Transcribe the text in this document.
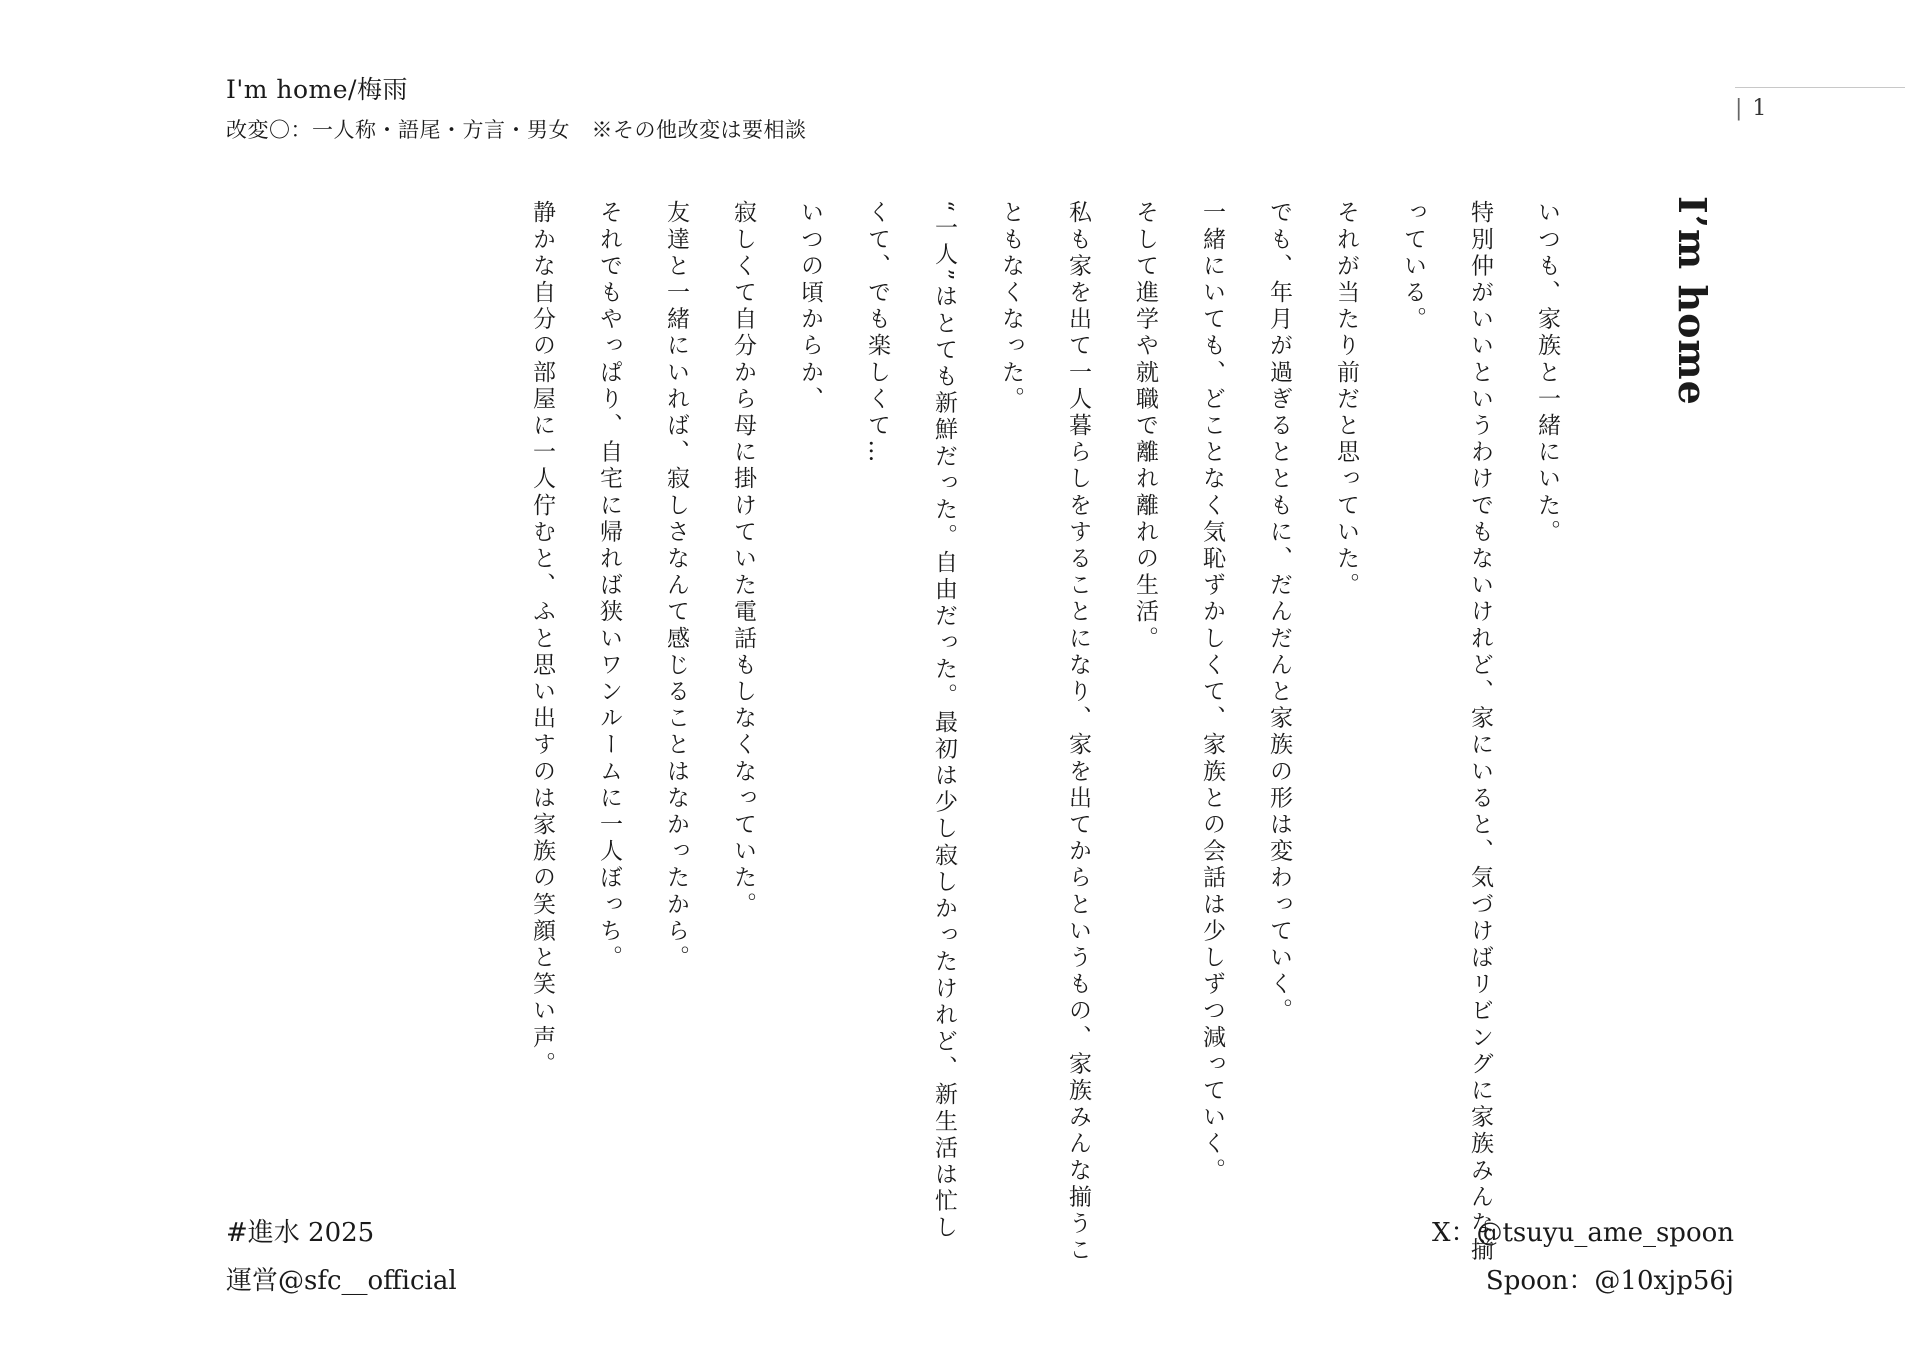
I'm home/梅雨
改変〇：一人称・語尾・方言・男女　※その他改変は要相談
| 1
I’m home

いつも、家族と一緒にいた。

特別仲がいいというわけでもないけれど、家にいると、気づけばリビングに家族みんな揃

っている。

それが当たり前だと思っていた。

でも、年月が過ぎるとともに、だんだんと家族の形は変わっていく。

一緒にいても、どことなく気恥ずかしくて、家族との会話は少しずつ減っていく。

そして進学や就職で離れ離れの生活。

私も家を出て一人暮らしをすることになり、家を出てからというもの、家族みんな揃うこ

ともなくなった。

“一人”はとても新鮮だった。自由だった。最初は少し寂しかったけれど、新生活は忙し

くて、でも楽しくて…

いつの頃からか、

寂しくて自分から母に掛けていた電話もしなくなっていた。

友達と一緒にいれば、寂しさなんて感じることはなかったから。

それでもやっぱり、自宅に帰れば狭いワンルームに一人ぼっち。

静かな自分の部屋に一人佇むと、ふと思い出すのは家族の笑顔と笑い声。

#進水 2025
運営@sfc__official
X：@tsuyu_ame_spoon
Spoon：@10xjp56j
